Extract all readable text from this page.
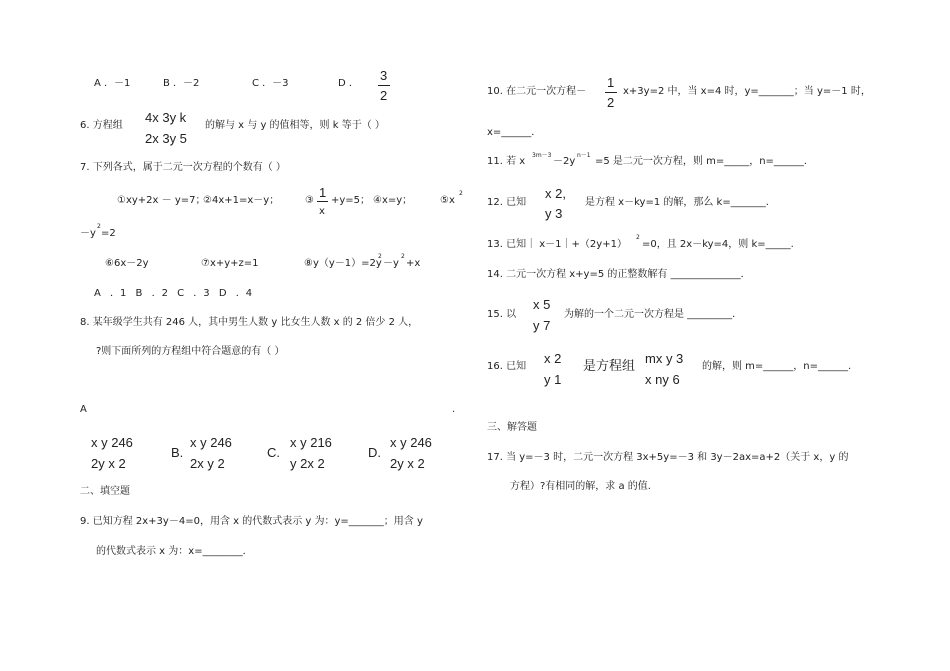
A ．－1	B ．－2	C ．－3	D ．
3
2
6. 方程组
4x 3y k
2x 3y 5
的解与 x 与 y 的值相等，则 k 等于（ ）
7. 下列各式，属于二元一次方程的个数有（ ）
①xy+2x － y=7；
②4x+1=x－y；	③
1
x
+y=5； ④x=y；	⑤x
2
－y
2
=2
⑥6x－2y	⑦x+y+z=1	⑧y（y－1）=2y
2
－y
2
+x
A ．1 B ．2 C ．3 D ．4
8. 某年级学生共有 246 人，其中男生人数 y 比女生人数 x 的 2 倍少 2 人，
?则下面所列的方程组中符合题意的有（ ）
A	.
x y 246
2y x 2
B.
x y 246
2x y 2
C.
x y 216
y 2x 2
D.
x y 246
2y x 2
二、填空题
9. 已知方程 2x+3y－4=0，用含 x 的代数式表示 y 为：y=_______；用含 y
的代数式表示 x 为：x=________．
10. 在二元一次方程－
1
2
x+3y=2 中，当 x=4 时，y=_______；当 y=－1 时，
x=______．
11. 若 x
3m－3
－2y
n－1
=5 是二元一次方程，则 m=_____，n=______．
12. 已知
x 2,
y 3
是方程 x－ky=1 的解，那么 k=_______.
13. 已知｜ x－1｜+（2y+1）
2
=0，且 2x－ky=4，则 k=_____.
14. 二元一次方程 x+y=5 的正整数解有 ______________．
15. 以
x 5
y 7
为解的一个二元一次方程是 _________．
16. 已知
x 2
y 1
是方程组
mx y 3
x ny 6
的解，则 m=______，n=______.
三、解答题
17. 当 y=－3 时，二元一次方程 3x+5y=－3 和 3y－2ax=a+2（关于 x，y 的
方程）?有相同的解，求 a 的值.
